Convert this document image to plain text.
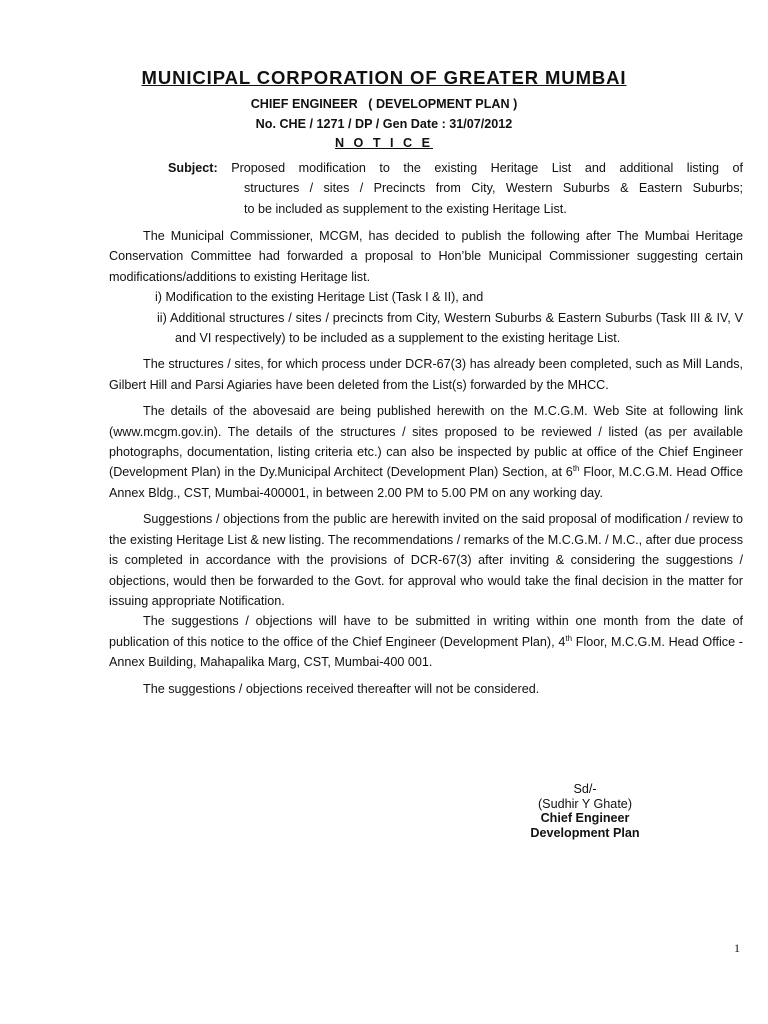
MUNICIPAL CORPORATION OF GREATER MUMBAI
CHIEF ENGINEER   ( DEVELOPMENT PLAN )
No. CHE / 1271 / DP / Gen Date : 31/07/2012
N O T I C E
Subject: Proposed modification to the existing Heritage List and additional listing of
structures / sites / Precincts from City, Western Suburbs & Eastern Suburbs;
to be included as supplement to the existing Heritage List.

The Municipal Commissioner, MCGM, has decided to publish the following after The Mumbai Heritage Conservation Committee had forwarded a proposal to Hon’ble Municipal Commissioner suggesting certain modifications/additions to existing Heritage list.

i) Modification to the existing Heritage List (Task I & II), and
ii) Additional structures / sites / precincts from City, Western Suburbs & Eastern Suburbs (Task III & IV, V and VI respectively) to be included as a supplement to the existing heritage List.

The structures / sites, for which process under DCR-67(3) has already been completed, such as Mill Lands, Gilbert Hill and Parsi Agiaries have been deleted from the List(s) forwarded by the MHCC.

The details of the abovesaid are being published herewith on the M.C.G.M. Web Site at following link (www.mcgm.gov.in). The details of the structures / sites proposed to be reviewed / listed (as per available photographs, documentation, listing criteria etc.) can also be inspected by public at office of the Chief Engineer (Development Plan) in the Dy.Municipal Architect (Development Plan) Section, at 6th Floor, M.C.G.M. Head Office Annex Bldg., CST, Mumbai-400001, in between 2.00 PM to 5.00 PM on any working day.

Suggestions / objections from the public are herewith invited on the said proposal of modification / review to the existing Heritage List & new listing. The recommendations / remarks of the M.C.G.M. / M.C., after due process is completed in accordance with the provisions of DCR-67(3) after inviting & considering the suggestions / objections, would then be forwarded to the Govt. for approval who would take the final decision in the matter for issuing appropriate Notification.

The suggestions / objections will have to be submitted in writing within one month from the date of publication of this notice to the office of the Chief Engineer (Development Plan), 4th Floor, M.C.G.M. Head Office - Annex Building, Mahapalika Marg, CST, Mumbai-400 001.

The suggestions / objections received thereafter will not be considered.

Sd/-
(Sudhir Y Ghate)
Chief Engineer
Development Plan
1
